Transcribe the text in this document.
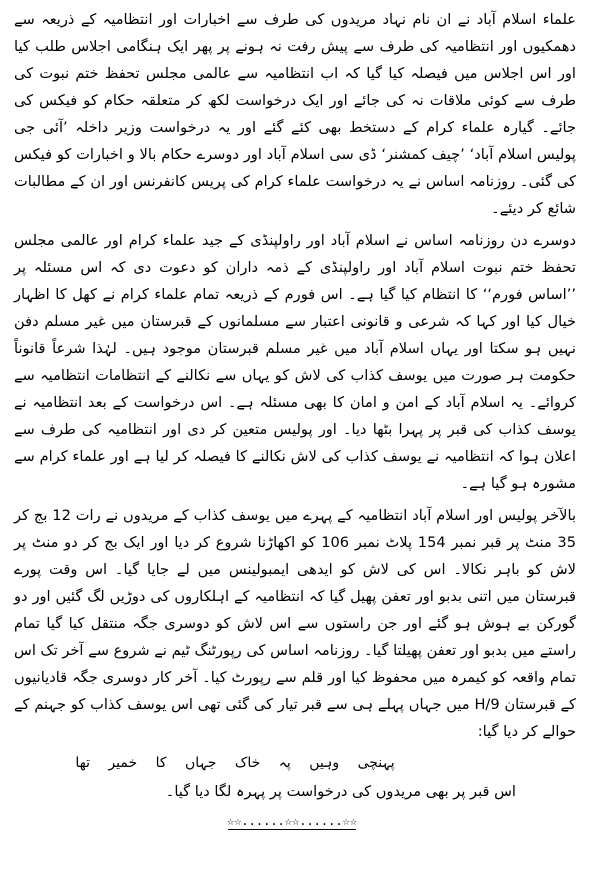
علماء اسلام آباد نے ان نام نہاد مریدوں کی طرف سے اخبارات اور انتظامیہ کے ذریعہ سے دھمکیوں اور انتظامیہ کی طرف سے پیش رفت نہ ہونے پر پھر ایک ہنگامی اجلاس طلب کیا اور اس اجلاس میں فیصلہ کیا گیا کہ اب انتظامیہ سے عالمی مجلس تحفظ ختم نبوت کی طرف سے کوئی ملاقات نہ کی جائے اور ایک درخواست لکھ کر متعلقہ حکام کو فیکس کی جائے۔ گیارہ علماء کرام کے دستخط بھی کئے گئے اور یہ درخواست وزیر داخلہ ’آئی جی پولیس اسلام آباد‘ ’چیف کمشنر‘ ڈی سی اسلام آباد اور دوسرے حکام بالا و اخبارات کو فیکس کی گئی۔ روزنامہ اساس نے یہ درخواست علماء کرام کی پریس کانفرنس اور ان کے مطالبات شائع کر دیئے۔

دوسرے دن روزنامہ اساس نے اسلام آباد اور راولپنڈی کے جید علماء کرام اور عالمی مجلس تحفظ ختم نبوت اسلام آباد اور راولپنڈی کے ذمہ داران کو دعوت دی کہ اس مسئلہ پر ’’اساس فورم‘‘ کا انتظام کیا گیا ہے۔ اس فورم کے ذریعہ تمام علماء کرام نے کھل کا اظہار خیال کیا اور کہا کہ شرعی و قانونی اعتبار سے مسلمانوں کے قبرستان میں غیر مسلم دفن نہیں ہو سکتا اور یہاں اسلام آباد میں غیر مسلم قبرستان موجود ہیں۔ لہٰذا شرعاً قانوناً حکومت ہر صورت میں یوسف کذاب کی لاش کو یہاں سے نکالنے کے انتظامات انتظامیہ سے کروائے۔ یہ اسلام آباد کے امن و امان کا بھی مسئلہ ہے۔ اس درخواست کے بعد انتظامیہ نے یوسف کذاب کی قبر پر پہرا بٹھا دیا۔ اور پولیس متعین کر دی اور انتظامیہ کی طرف سے اعلان ہوا کہ انتظامیہ نے یوسف کذاب کی لاش نکالنے کا فیصلہ کر لیا ہے اور علماء کرام سے مشورہ ہو گیا ہے۔

بالآخر پولیس اور اسلام آباد انتظامیہ کے پہرے میں یوسف کذاب کے مریدوں نے رات 12 بج کر 35 منٹ پر قبر نمبر 154 پلاٹ نمبر 106 کو اکھاڑنا شروع کر دیا اور ایک بج کر دو منٹ پر لاش کو باہر نکالا۔ اس کی لاش کو ایدھی ایمبولینس میں لے جایا گیا۔ اس وقت پورے قبرستان میں اتنی بدبو اور تعفن پھیل گیا کہ انتظامیہ کے اہلکاروں کی دوڑیں لگ گئیں اور دو گورکن بے ہوش ہو گئے اور جن راستوں سے اس لاش کو دوسری جگہ منتقل کیا گیا تمام راستے میں بدبو اور تعفن پھیلتا گیا۔ روزنامہ اساس کی رپورٹنگ ٹیم نے شروع سے آخر تک اس تمام واقعہ کو کیمرہ میں محفوظ کیا اور قلم سے رپورٹ کیا۔ آخر کار دوسری جگہ قادیانیوں کے قبرستان H/9 میں جہاں پہلے ہی سے قبر تیار کی گئی تھی اس یوسف کذاب کو جہنم کے حوالے کر دیا گیا:

پہنچی وہیں پہ خاک جہاں کا خمیر تھا

اس قبر پر بھی مریدوں کی درخواست پر پہرہ لگا دیا گیا۔

☆☆......☆☆......☆☆
